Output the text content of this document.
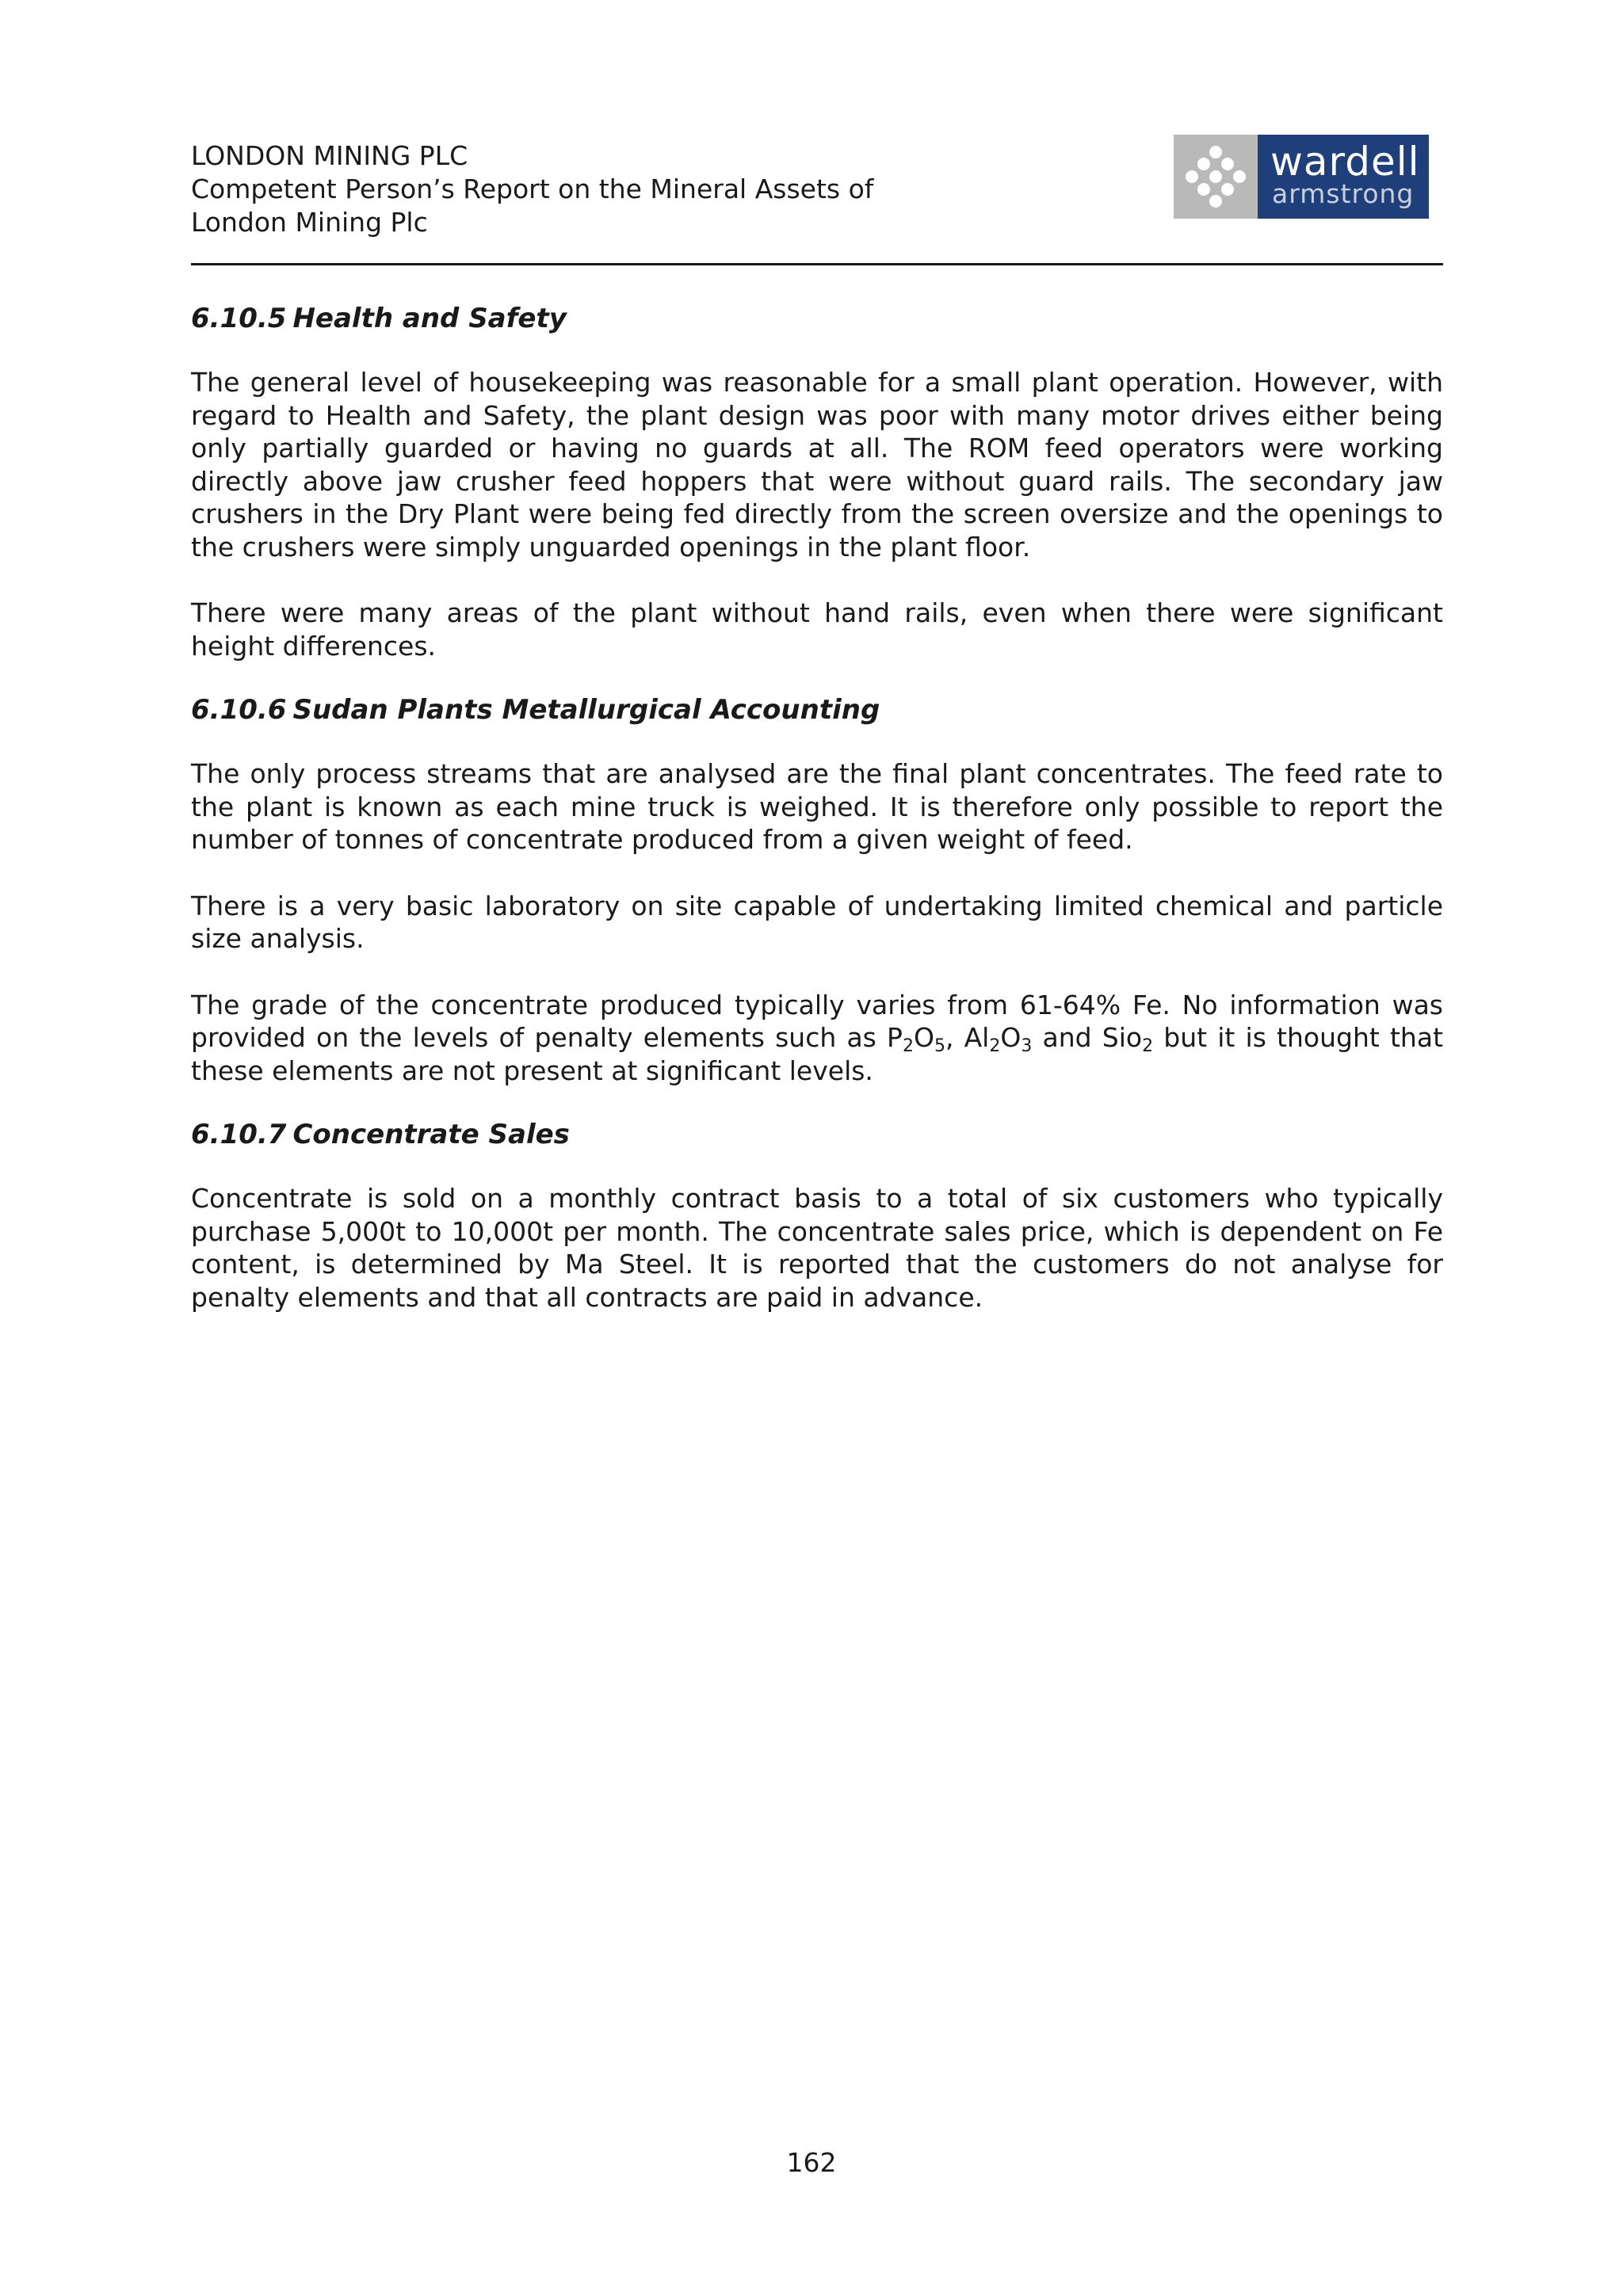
LONDON MINING PLC
Competent Person’s Report on the Mineral Assets of
London Mining Plc
wardell
armstrong
6.10.5 Health and Safety

The general level of housekeeping was reasonable for a small plant operation. However, with regard to Health and Safety, the plant design was poor with many motor drives either being only partially guarded or having no guards at all. The ROM feed operators were working directly above jaw crusher feed hoppers that were without guard rails. The secondary jaw crushers in the Dry Plant were being fed directly from the screen oversize and the openings to the crushers were simply unguarded openings in the plant floor.

There were many areas of the plant without hand rails, even when there were significant height differences.

6.10.6 Sudan Plants Metallurgical Accounting

The only process streams that are analysed are the final plant concentrates. The feed rate to the plant is known as each mine truck is weighed. It is therefore only possible to report the number of tonnes of concentrate produced from a given weight of feed.

There is a very basic laboratory on site capable of undertaking limited chemical and particle size analysis.

The grade of the concentrate produced typically varies from 61-64% Fe. No information was provided on the levels of penalty elements such as $P_2O_5$, $Al_2O_3$ and Sio$_2$ but it is thought that these elements are not present at significant levels.

6.10.7 Concentrate Sales

Concentrate is sold on a monthly contract basis to a total of six customers who typically purchase 5,000t to 10,000t per month. The concentrate sales price, which is dependent on Fe content, is determined by Ma Steel. It is reported that the customers do not analyse for penalty elements and that all contracts are paid in advance.

162
